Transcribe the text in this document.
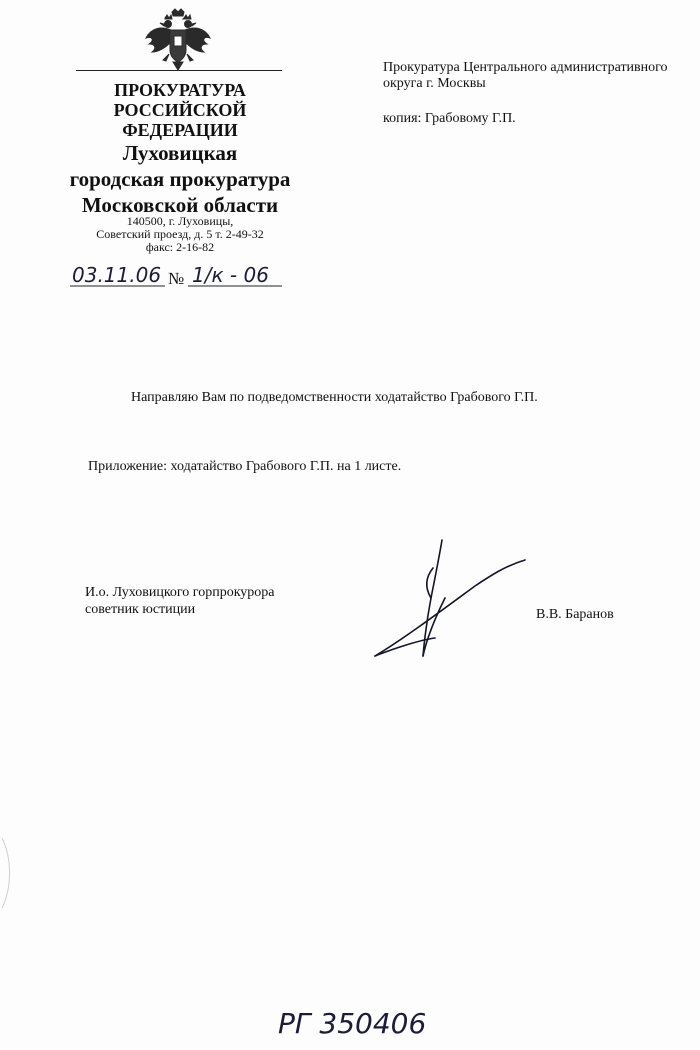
ПРОКУРАТУРА
РОССИЙСКОЙ ФЕДЕРАЦИИ
Луховицкая
городская прокуратура
Московской области
140500, г. Луховицы,
Советский проезд, д. 5 т. 2-49-32
факс: 2-16-82
03.11.06 № 1/к - 06
Прокуратура Центрального административного
округа г. Москвы
копия: Грабовому Г.П.
Направляю Вам по подведомственности ходатайство Грабового Г.П.
Приложение: ходатайство Грабового Г.П. на 1 листе.
И.о. Луховицкого горпрокурора
советник юстиции	В.В. Баранов
РГ 350406
